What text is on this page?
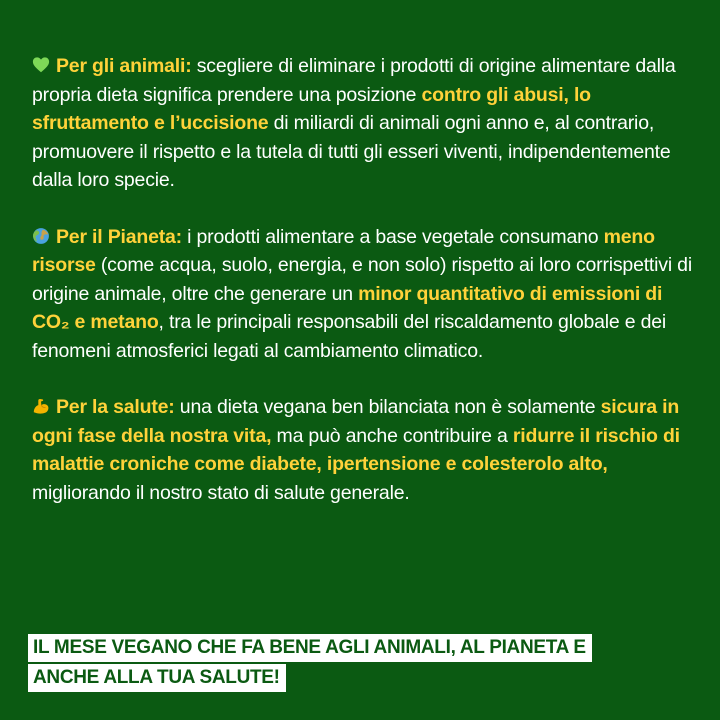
Per gli animali: scegliere di eliminare i prodotti di origine alimentare dalla propria dieta significa prendere una posizione contro gli abusi, lo sfruttamento e l’uccisione di miliardi di animali ogni anno e, al contrario, promuovere il rispetto e la tutela di tutti gli esseri viventi, indipendentemente dalla loro specie.

Per il Pianeta: i prodotti alimentare a base vegetale consumano meno risorse (come acqua, suolo, energia, e non solo) rispetto ai loro corrispettivi di origine animale, oltre che generare un minor quantitativo di emissioni di CO₂ e metano, tra le principali responsabili del riscaldamento globale e dei fenomeni atmosferici legati al cambiamento climatico.

Per la salute: una dieta vegana ben bilanciata non è solamente sicura in ogni fase della nostra vita, ma può anche contribuire a ridurre il rischio di malattie croniche come diabete, ipertensione e colesterolo alto, migliorando il nostro stato di salute generale.

IL MESE VEGANO CHE FA BENE AGLI ANIMALI, AL PIANETA E
ANCHE ALLA TUA SALUTE!
